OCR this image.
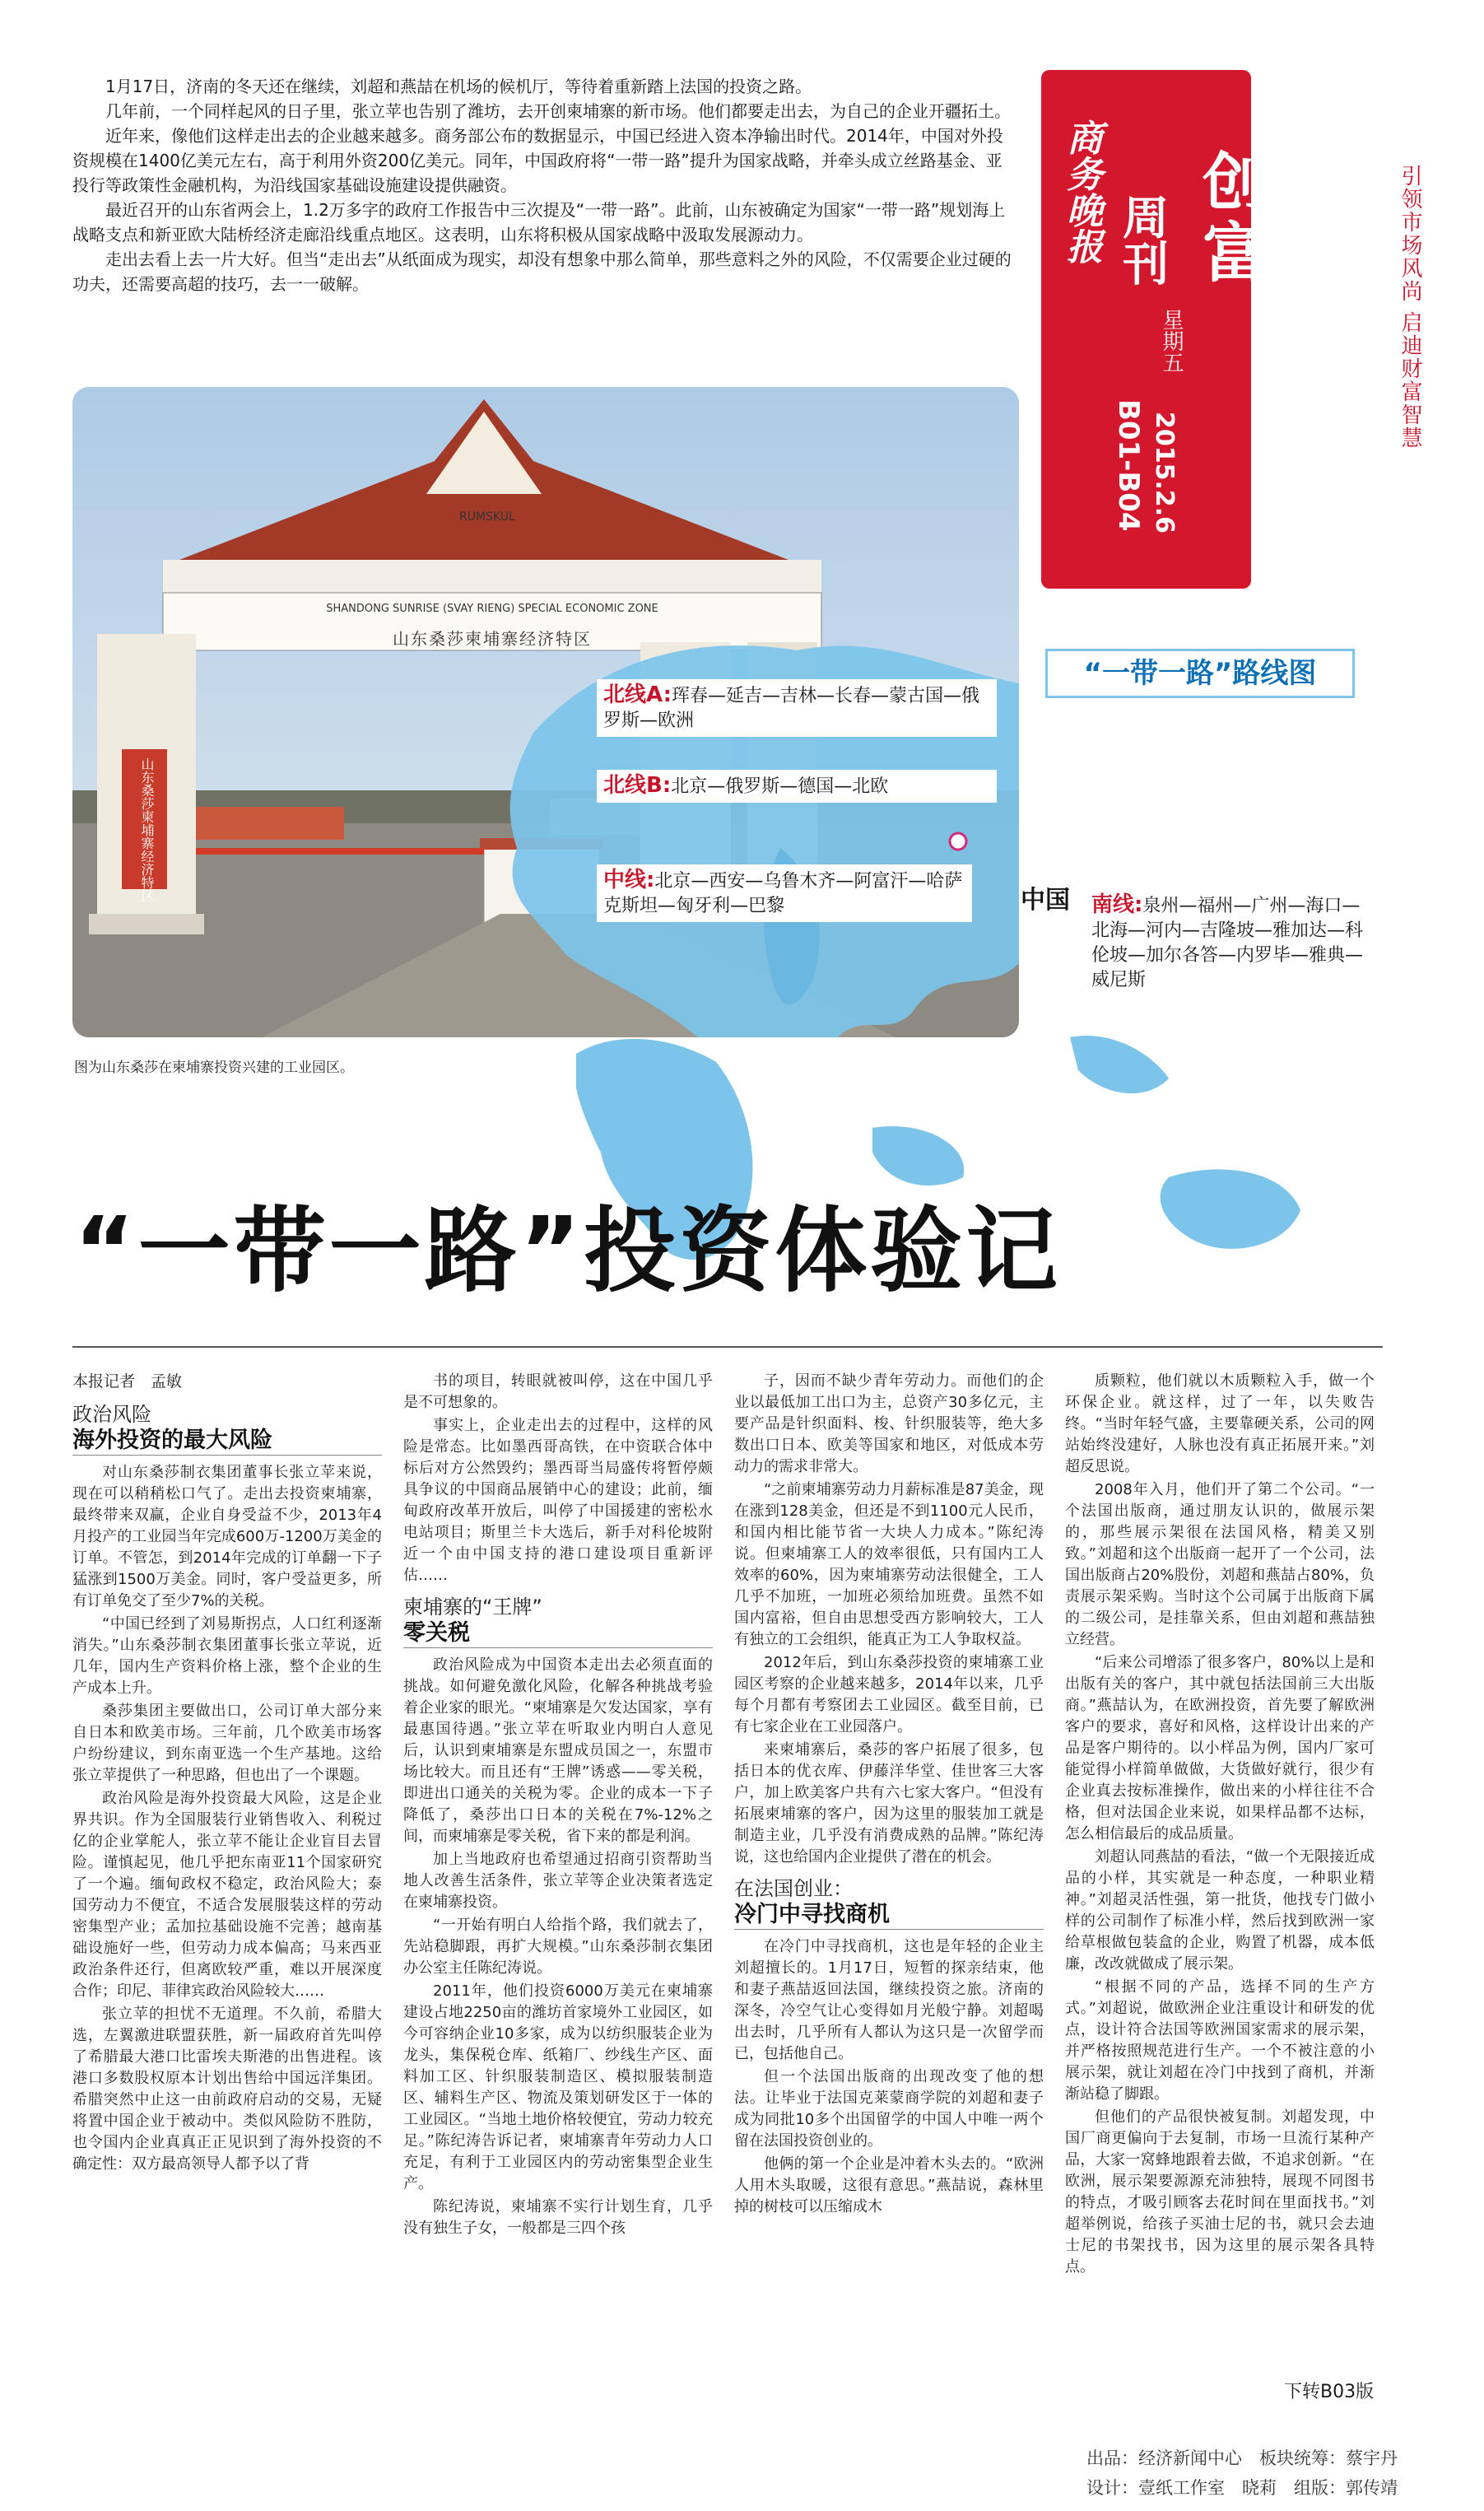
1月17日，济南的冬天还在继续，刘超和燕喆在机场的候机厅，等待着重新踏上法国的投资之路。

几年前，一个同样起风的日子里，张立苹也告别了潍坊，去开创柬埔寨的新市场。他们都要走出去，为自己的企业开疆拓土。

近年来，像他们这样走出去的企业越来越多。商务部公布的数据显示，中国已经进入资本净输出时代。2014年，中国对外投资规模在1400亿美元左右，高于利用外资200亿美元。同年，中国政府将“一带一路”提升为国家战略，并牵头成立丝路基金、亚投行等政策性金融机构，为沿线国家基础设施建设提供融资。

最近召开的山东省两会上，1.2万多字的政府工作报告中三次提及“一带一路”。此前，山东被确定为国家“一带一路”规划海上战略支点和新亚欧大陆桥经济走廊沿线重点地区。这表明，山东将积极从国家战略中汲取发展源动力。

走出去看上去一片大好。但当“走出去”从纸面成为现实，却没有想象中那么简单，那些意料之外的风险，不仅需要企业过硬的功夫，还需要高超的技巧，去一一破解。

商务晚报 周刊
星期五
2015.2.6
B01-B04
创富	引领市场风尚 启迪财富智慧
RUMSKUL
SHANDONG SUNRISE (SVAY RIENG) SPECIAL ECONOMIC ZONE
山东桑莎柬埔寨经济特区
山东桑莎柬埔寨经济特区
图为山东桑莎在柬埔寨投资兴建的工业园区。
“一带一路”路线图
北线A:珲春—延吉—吉林—长春—蒙古国—俄罗斯—欧洲
北线B:北京—俄罗斯—德国—北欧
中线:北京—西安—乌鲁木齐—阿富汗—哈萨克斯坦—匈牙利—巴黎	南线:泉州—福州—广州—海口—北海—河内—吉隆坡—雅加达—科伦坡—加尔各答—内罗毕—雅典—威尼斯
中国
“一带一路”投资体验记
本报记者　孟敏
政治风险
海外投资的最大风险

对山东桑莎制衣集团董事长张立苹来说，现在可以稍稍松口气了。走出去投资柬埔寨，最终带来双赢，企业自身受益不少，2013年4月投产的工业园当年完成600万-1200万美金的订单。不管怎，到2014年完成的订单翻一下子猛涨到1500万美金。同时，客户受益更多，所有订单免交了至少7%的关税。

“中国已经到了刘易斯拐点，人口红利逐渐消失。”山东桑莎制衣集团董事长张立苹说，近几年，国内生产资料价格上涨，整个企业的生产成本上升。

桑莎集团主要做出口，公司订单大部分来自日本和欧美市场。三年前，几个欧美市场客户纷纷建议，到东南亚选一个生产基地。这给张立苹提供了一种思路，但也出了一个课题。

政治风险是海外投资最大风险，这是企业界共识。作为全国服装行业销售收入、利税过亿的企业掌舵人，张立苹不能让企业盲目去冒险。谨慎起见，他几乎把东南亚11个国家研究了一个遍。缅甸政权不稳定，政治风险大；泰国劳动力不便宜，不适合发展服装这样的劳动密集型产业；孟加拉基础设施不完善；越南基础设施好一些，但劳动力成本偏高；马来西亚政治条件还行，但离欧较严重，难以开展深度合作；印尼、菲律宾政治风险较大……

张立苹的担忧不无道理。不久前，希腊大选，左翼激进联盟获胜，新一届政府首先叫停了希腊最大港口比雷埃夫斯港的出售进程。该港口多数股权原本计划出售给中国远洋集团。希腊突然中止这一由前政府启动的交易，无疑将置中国企业于被动中。类似风险防不胜防，也令国内企业真真正正见识到了海外投资的不确定性：双方最高领导人都予以了背

书的项目，转眼就被叫停，这在中国几乎是不可想象的。

事实上，企业走出去的过程中，这样的风险是常态。比如墨西哥高铁，在中资联合体中标后对方公然毁约；墨西哥当局盛传将暂停颇具争议的中国商品展销中心的建设；此前，缅甸政府改革开放后，叫停了中国援建的密松水电站项目；斯里兰卡大选后，新手对科伦坡附近一个由中国支持的港口建设项目重新评估……

柬埔寨的“王牌”
零关税

政治风险成为中国资本走出去必须直面的挑战。如何避免激化风险，化解各种挑战考验着企业家的眼光。“柬埔寨是欠发达国家，享有最惠国待遇。”张立苹在听取业内明白人意见后，认识到柬埔寨是东盟成员国之一，东盟市场比较大。而且还有“王牌”诱惑——零关税，即进出口通关的关税为零。企业的成本一下子降低了，桑莎出口日本的关税在7%-12%之间，而柬埔寨是零关税，省下来的都是利润。

加上当地政府也希望通过招商引资帮助当地人改善生活条件，张立苹等企业决策者选定在柬埔寨投资。

“一开始有明白人给指个路，我们就去了，先站稳脚跟，再扩大规模。”山东桑莎制衣集团办公室主任陈纪涛说。

2011年，他们投资6000万美元在柬埔寨建设占地2250亩的潍坊首家境外工业园区，如今可容纳企业10多家，成为以纺织服装企业为龙头，集保税仓库、纸箱厂、纱线生产区、面料加工区、针织服装制造区、模拟服装制造区、辅料生产区、物流及策划研发区于一体的工业园区。“当地土地价格较便宜，劳动力较充足。”陈纪涛告诉记者，柬埔寨青年劳动力人口充足，有利于工业园区内的劳动密集型企业生产。

陈纪涛说，柬埔寨不实行计划生育，几乎没有独生子女，一般都是三四个孩

子，因而不缺少青年劳动力。而他们的企业以最低加工出口为主，总资产30多亿元，主要产品是针织面料、梭、针织服装等，绝大多数出口日本、欧美等国家和地区，对低成本劳动力的需求非常大。

“之前柬埔寨劳动力月薪标准是87美金，现在涨到128美金，但还是不到1100元人民币，和国内相比能节省一大块人力成本。”陈纪涛说。但柬埔寨工人的效率很低，只有国内工人效率的60%，因为柬埔寨劳动法很健全，工人几乎不加班，一加班必须给加班费。虽然不如国内富裕，但自由思想受西方影响较大，工人有独立的工会组织，能真正为工人争取权益。

2012年后，到山东桑莎投资的柬埔寨工业园区考察的企业越来越多，2014年以来，几乎每个月都有考察团去工业园区。截至目前，已有七家企业在工业园落户。

来柬埔寨后，桑莎的客户拓展了很多，包括日本的优衣库、伊藤洋华堂、佳世客三大客户，加上欧美客户共有六七家大客户。“但没有拓展柬埔寨的客户，因为这里的服装加工就是制造主业，几乎没有消费成熟的品牌。”陈纪涛说，这也给国内企业提供了潜在的机会。

在法国创业：
冷门中寻找商机

在冷门中寻找商机，这也是年轻的企业主刘超擅长的。1月17日，短暂的探亲结束，他和妻子燕喆返回法国，继续投资之旅。济南的深冬，冷空气让心变得如月光般宁静。刘超喝出去时，几乎所有人都认为这只是一次留学而已，包括他自己。

但一个法国出版商的出现改变了他的想法。让毕业于法国克莱蒙商学院的刘超和妻子成为同批10多个出国留学的中国人中唯一两个留在法国投资创业的。

他俩的第一个企业是冲着木头去的。“欧洲人用木头取暖，这很有意思。”燕喆说，森林里掉的树枝可以压缩成木

质颗粒，他们就以木质颗粒入手，做一个环保企业。就这样，过了一年，以失败告终。“当时年轻气盛，主要靠硬关系，公司的网站始终没建好，人脉也没有真正拓展开来。”刘超反思说。

2008年入月，他们开了第二个公司。“一个法国出版商，通过朋友认识的，做展示架的，那些展示架很在法国风格，精美又别致。”刘超和这个出版商一起开了一个公司，法国出版商占20%股份，刘超和燕喆占80%，负责展示架采购。当时这个公司属于出版商下属的二级公司，是挂靠关系，但由刘超和燕喆独立经营。

“后来公司增添了很多客户，80%以上是和出版有关的客户，其中就包括法国前三大出版商。”燕喆认为，在欧洲投资，首先要了解欧洲客户的要求，喜好和风格，这样设计出来的产品是客户期待的。以小样品为例，国内厂家可能觉得小样简单做做，大货做好就行，很少有企业真去按标准操作，做出来的小样往往不合格，但对法国企业来说，如果样品都不达标，怎么相信最后的成品质量。

刘超认同燕喆的看法，“做一个无限接近成品的小样，其实就是一种态度，一种职业精神。”刘超灵活性强，第一批货，他找专门做小样的公司制作了标准小样，然后找到欧洲一家给草根做包装盒的企业，购置了机器，成本低廉，改改就做成了展示架。

“根据不同的产品，选择不同的生产方式。”刘超说，做欧洲企业注重设计和研发的优点，设计符合法国等欧洲国家需求的展示架，并严格按照规范进行生产。一个不被注意的小展示架，就让刘超在冷门中找到了商机，并渐渐站稳了脚跟。

但他们的产品很快被复制。刘超发现，中国厂商更偏向于去复制，市场一旦流行某种产品，大家一窝蜂地跟着去做，不追求创新。“在欧洲，展示架要源源充沛独特，展现不同图书的特点，才吸引顾客去花时间在里面找书。”刘超举例说，给孩子买油士尼的书，就只会去迪士尼的书架找书，因为这里的展示架各具特点。

下转B03版
出品：经济新闻中心　板块统筹：蔡宇丹
设计：壹纸工作室　晓莉　组版：郭传靖
